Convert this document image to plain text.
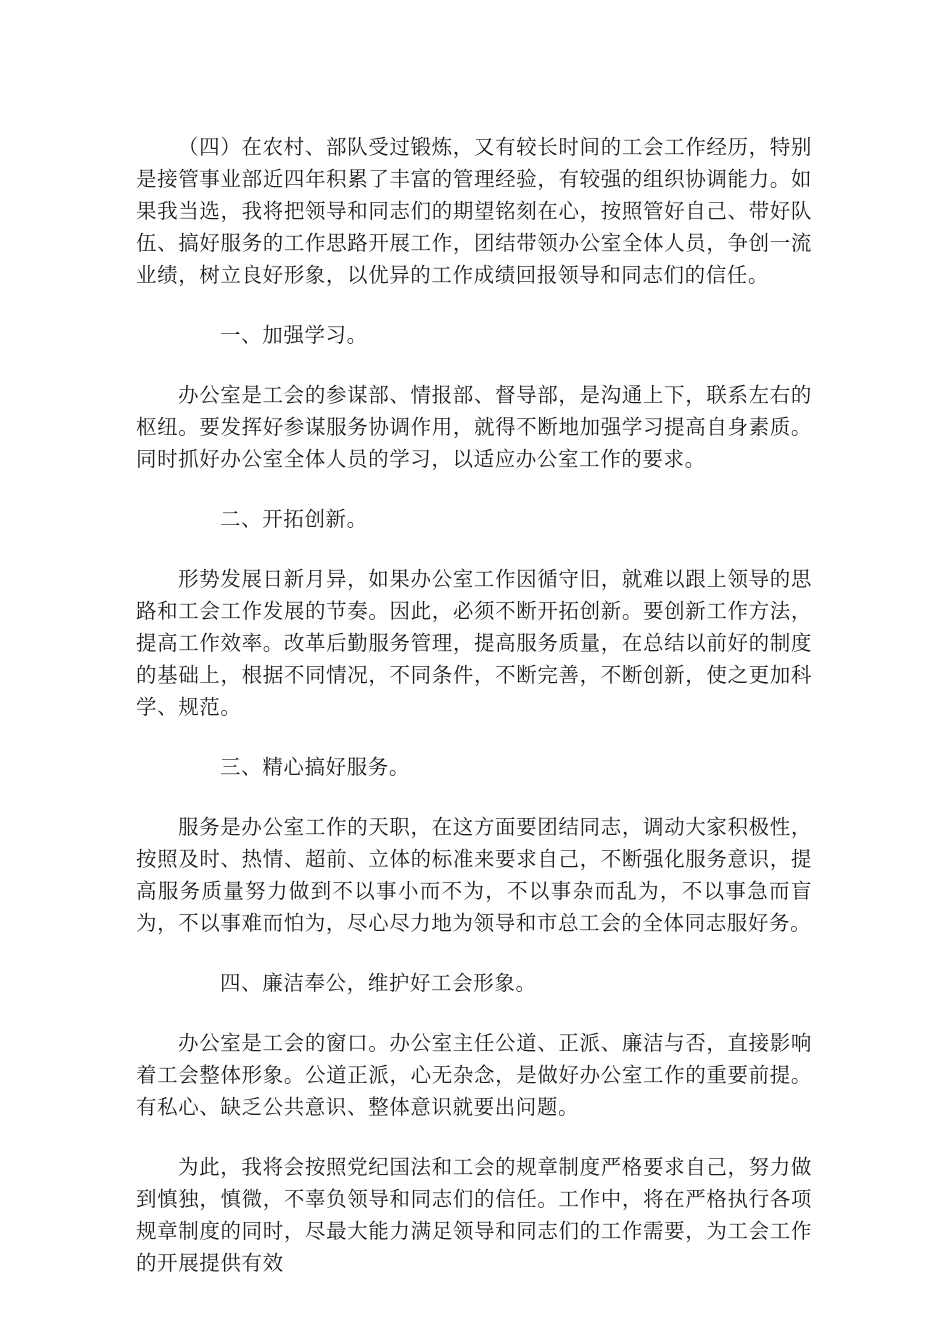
（四）在农村、部队受过锻炼，又有较长时间的工会工作经历，特别是接管事业部近四年积累了丰富的管理经验，有较强的组织协调能力。如果我当选，我将把领导和同志们的期望铭刻在心，按照管好自己、带好队伍、搞好服务的工作思路开展工作，团结带领办公室全体人员，争创一流业绩，树立良好形象，以优异的工作成绩回报领导和同志们的信任。

一、加强学习。

办公室是工会的参谋部、情报部、督导部，是沟通上下，联系左右的枢纽。要发挥好参谋服务协调作用，就得不断地加强学习提高自身素质。同时抓好办公室全体人员的学习，以适应办公室工作的要求。

二、开拓创新。

形势发展日新月异，如果办公室工作因循守旧，就难以跟上领导的思路和工会工作发展的节奏。因此，必须不断开拓创新。要创新工作方法，提高工作效率。改革后勤服务管理，提高服务质量，在总结以前好的制度的基础上，根据不同情况，不同条件，不断完善，不断创新，使之更加科学、规范。

三、精心搞好服务。

服务是办公室工作的天职，在这方面要团结同志，调动大家积极性，按照及时、热情、超前、立体的标准来要求自己，不断强化服务意识，提高服务质量努力做到不以事小而不为，不以事杂而乱为，不以事急而盲为，不以事难而怕为，尽心尽力地为领导和市总工会的全体同志服好务。

四、廉洁奉公，维护好工会形象。

办公室是工会的窗口。办公室主任公道、正派、廉洁与否，直接影响着工会整体形象。公道正派，心无杂念，是做好办公室工作的重要前提。有私心、缺乏公共意识、整体意识就要出问题。

为此，我将会按照党纪国法和工会的规章制度严格要求自己，努力做到慎独，慎微，不辜负领导和同志们的信任。工作中，将在严格执行各项规章制度的同时，尽最大能力满足领导和同志们的工作需要，为工会工作的开展提供有效
